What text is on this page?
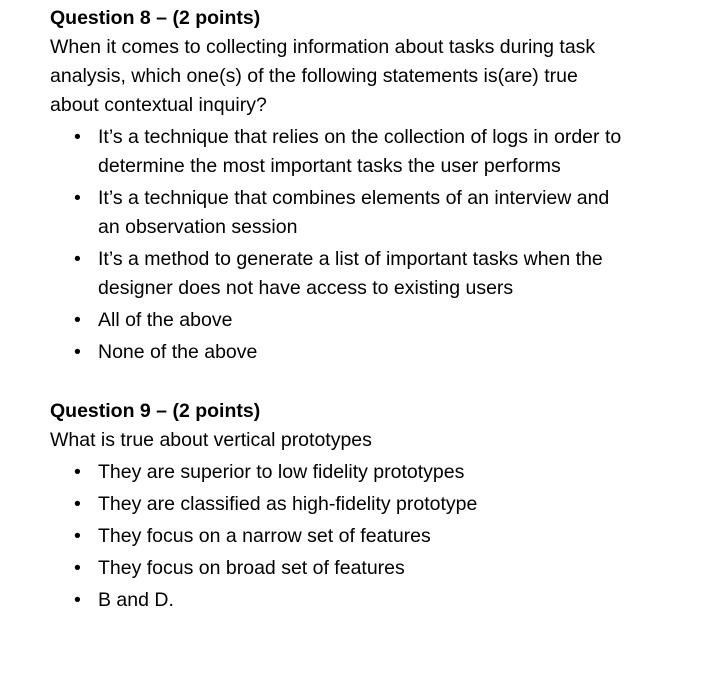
Question 8 – (2 points)

When it comes to collecting information about tasks during task analysis, which one(s) of the following statements is(are) true about contextual inquiry?

• It’s a technique that relies on the collection of logs in order to determine the most important tasks the user performs
• It’s a technique that combines elements of an interview and an observation session
• It’s a method to generate a list of important tasks when the designer does not have access to existing users
• All of the above
• None of the above

Question 9 – (2 points)

What is true about vertical prototypes

• They are superior to low fidelity prototypes
• They are classified as high-fidelity prototype
• They focus on a narrow set of features
• They focus on broad set of features
• B and D.
